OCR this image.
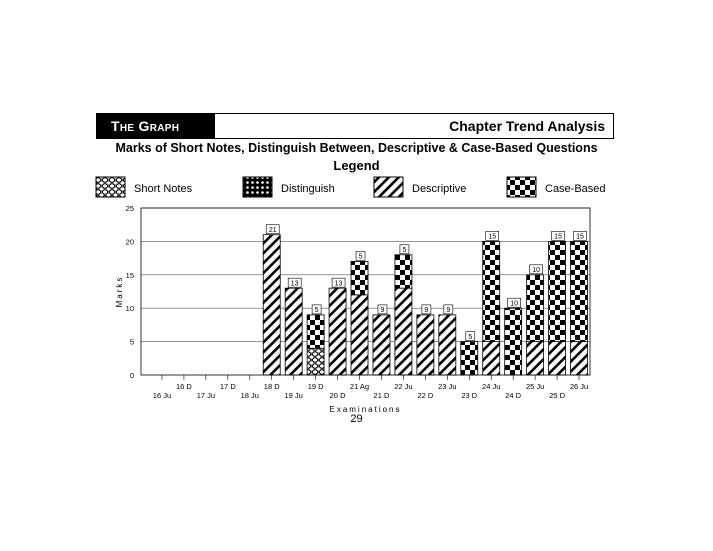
The Graph	Chapter Trend Analysis
Marks of Short Notes, Distinguish Between, Descriptive & Case-Based Questions
Legend
Short Notes	Distinguish	Descriptive	Case-Based
0
5
10
15
20
25
21
13
5
13
5
9
5
9	9
5
15
10
10
15 15
16 Ju
16 D
17 Ju
17 D
18 Ju
18 D
19 Ju
19 D
20 D
21 Ag
21 D
22 Ju
22 D
23 Ju
23 D
24 Ju
24 D
25 Ju
25 D
26 Ju
Examinations
Marks
29
